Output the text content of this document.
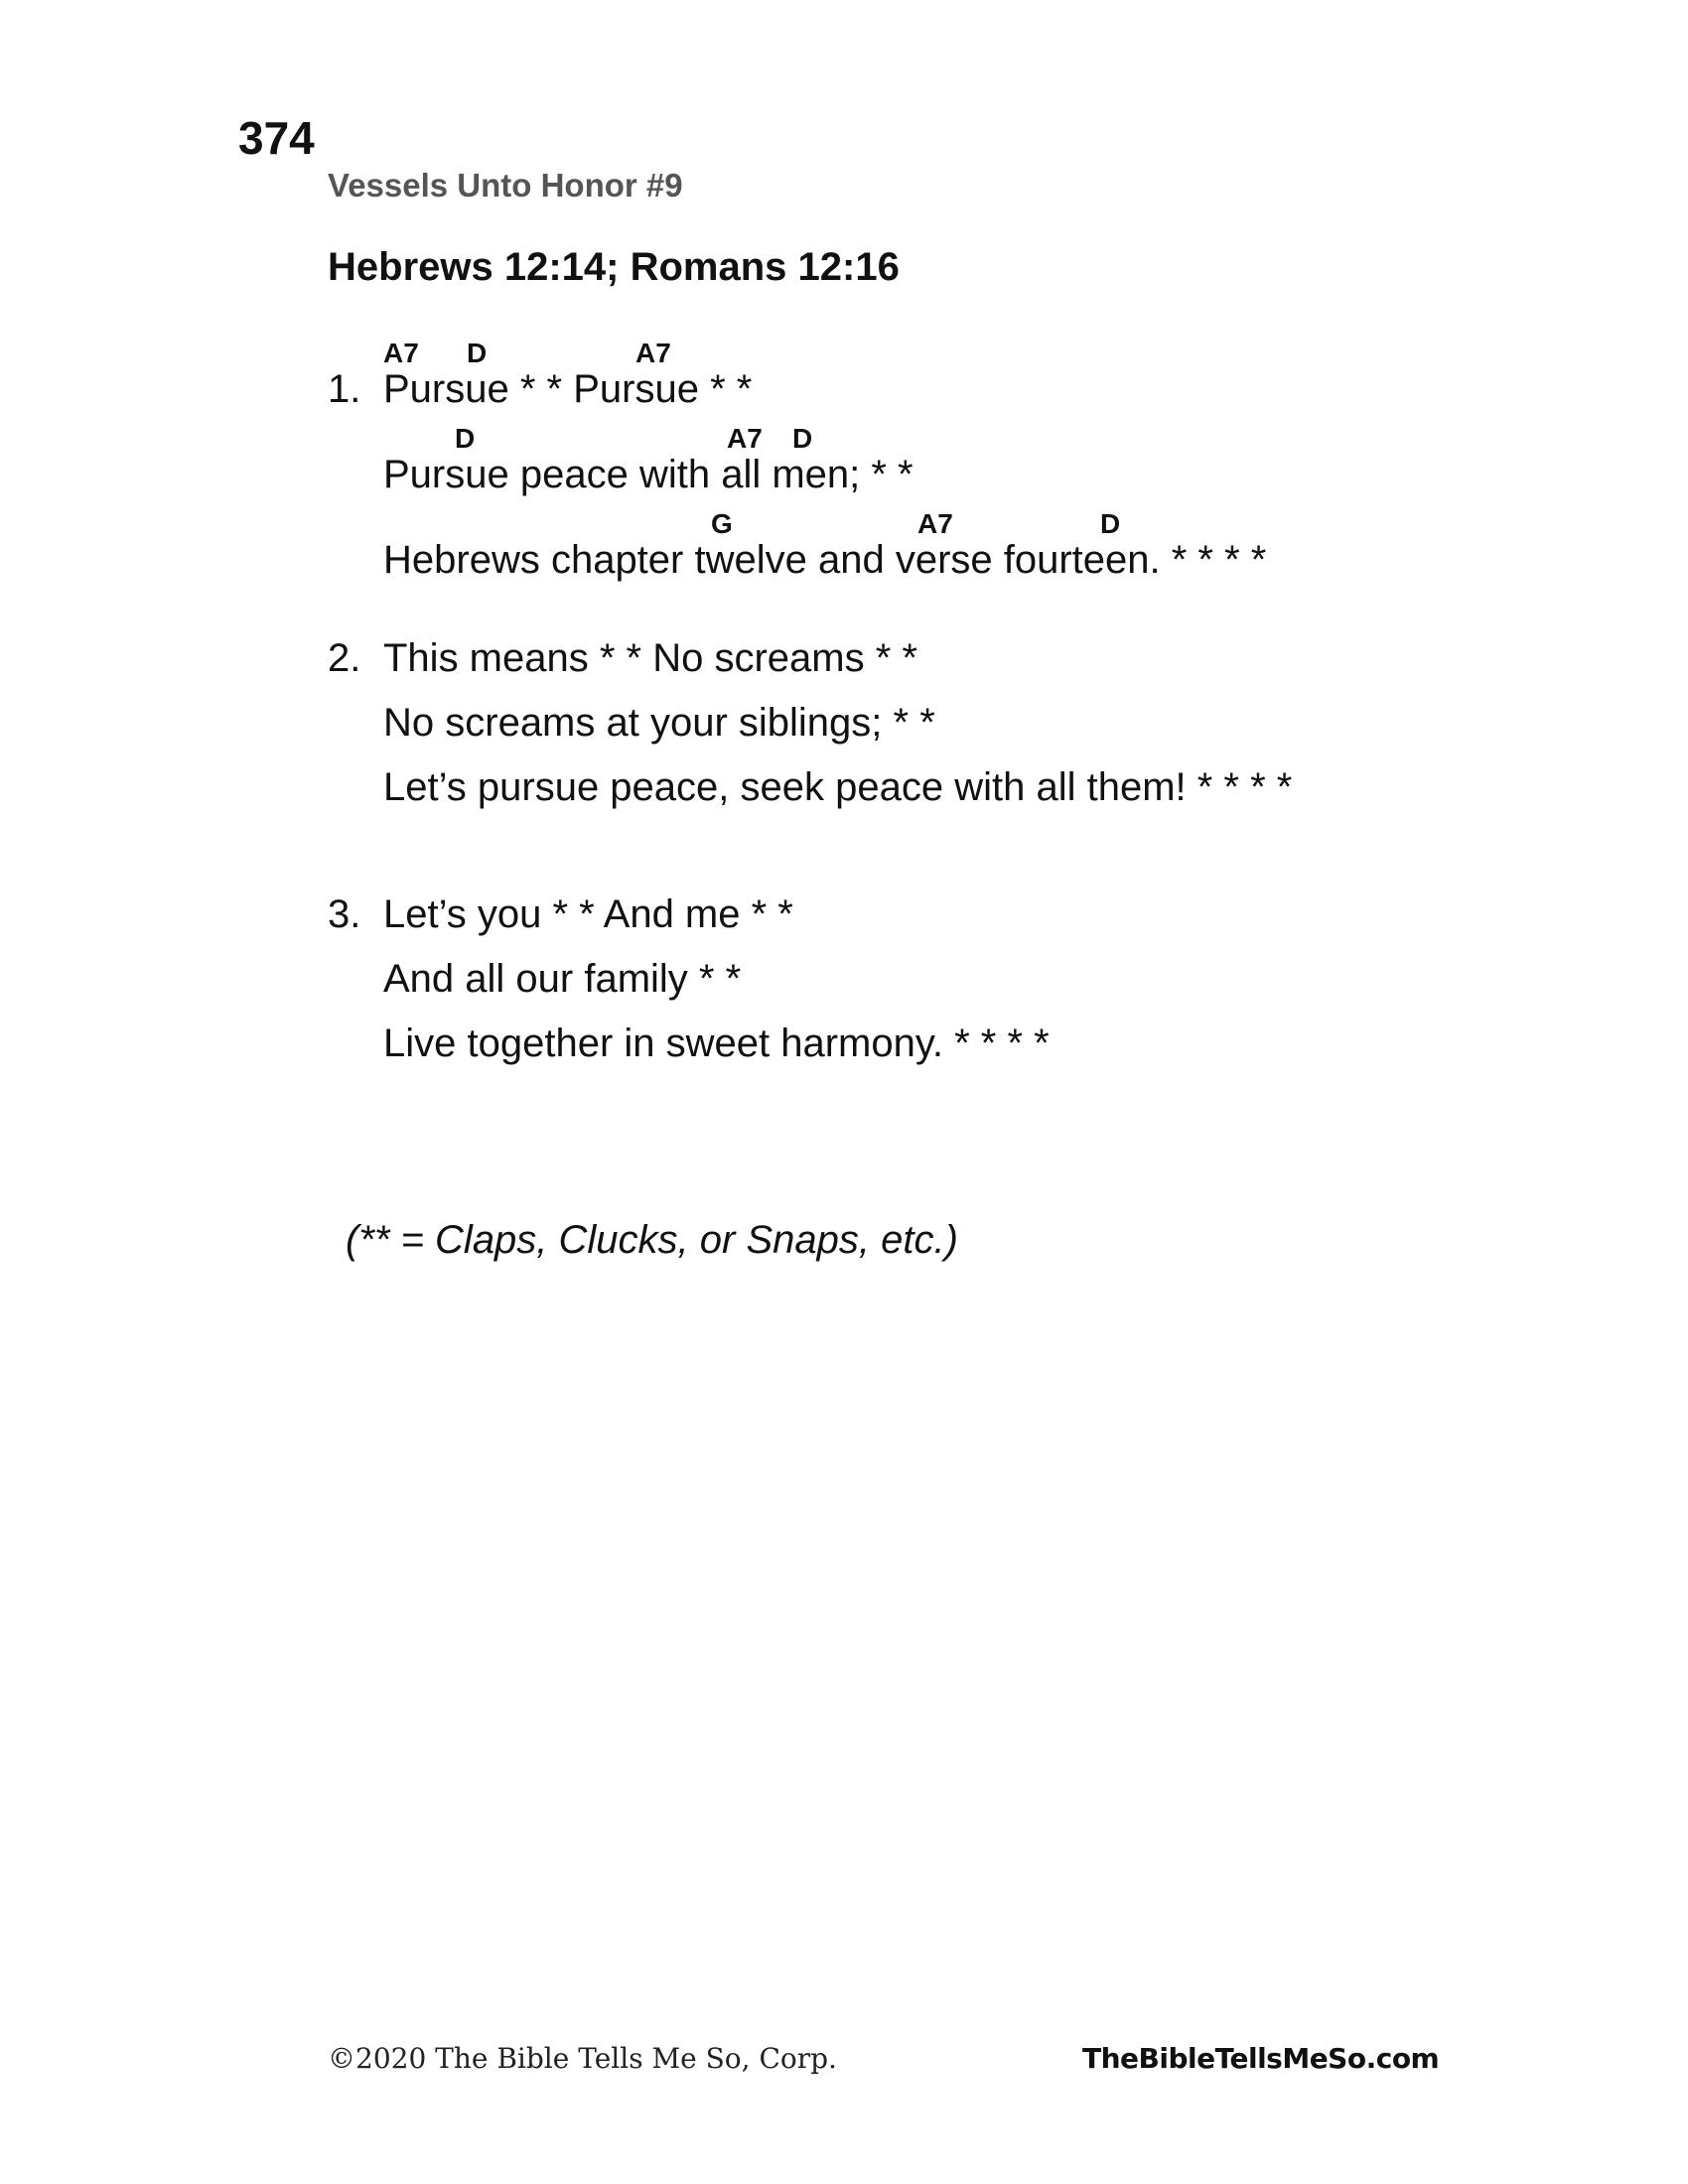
374
Vessels Unto Honor #9
Hebrews 12:14; Romans 12:16
1.
A7 D	A7
Pursue * * Pursue * *
D	A7 D
Pursue peace with all men; * *
G	A7	D
Hebrews chapter twelve and verse fourteen. * * * *
2. This means * * No screams * *
No screams at your siblings; * *
Let’s pursue peace, seek peace with all them! * * * *
3. Let’s you * * And me * *
And all our family * *
Live together in sweet harmony. * * * *
(** = Claps, Clucks, or Snaps, etc.)
©2020 The Bible Tells Me So, Corp.	TheBibleTellsMeSo.com
